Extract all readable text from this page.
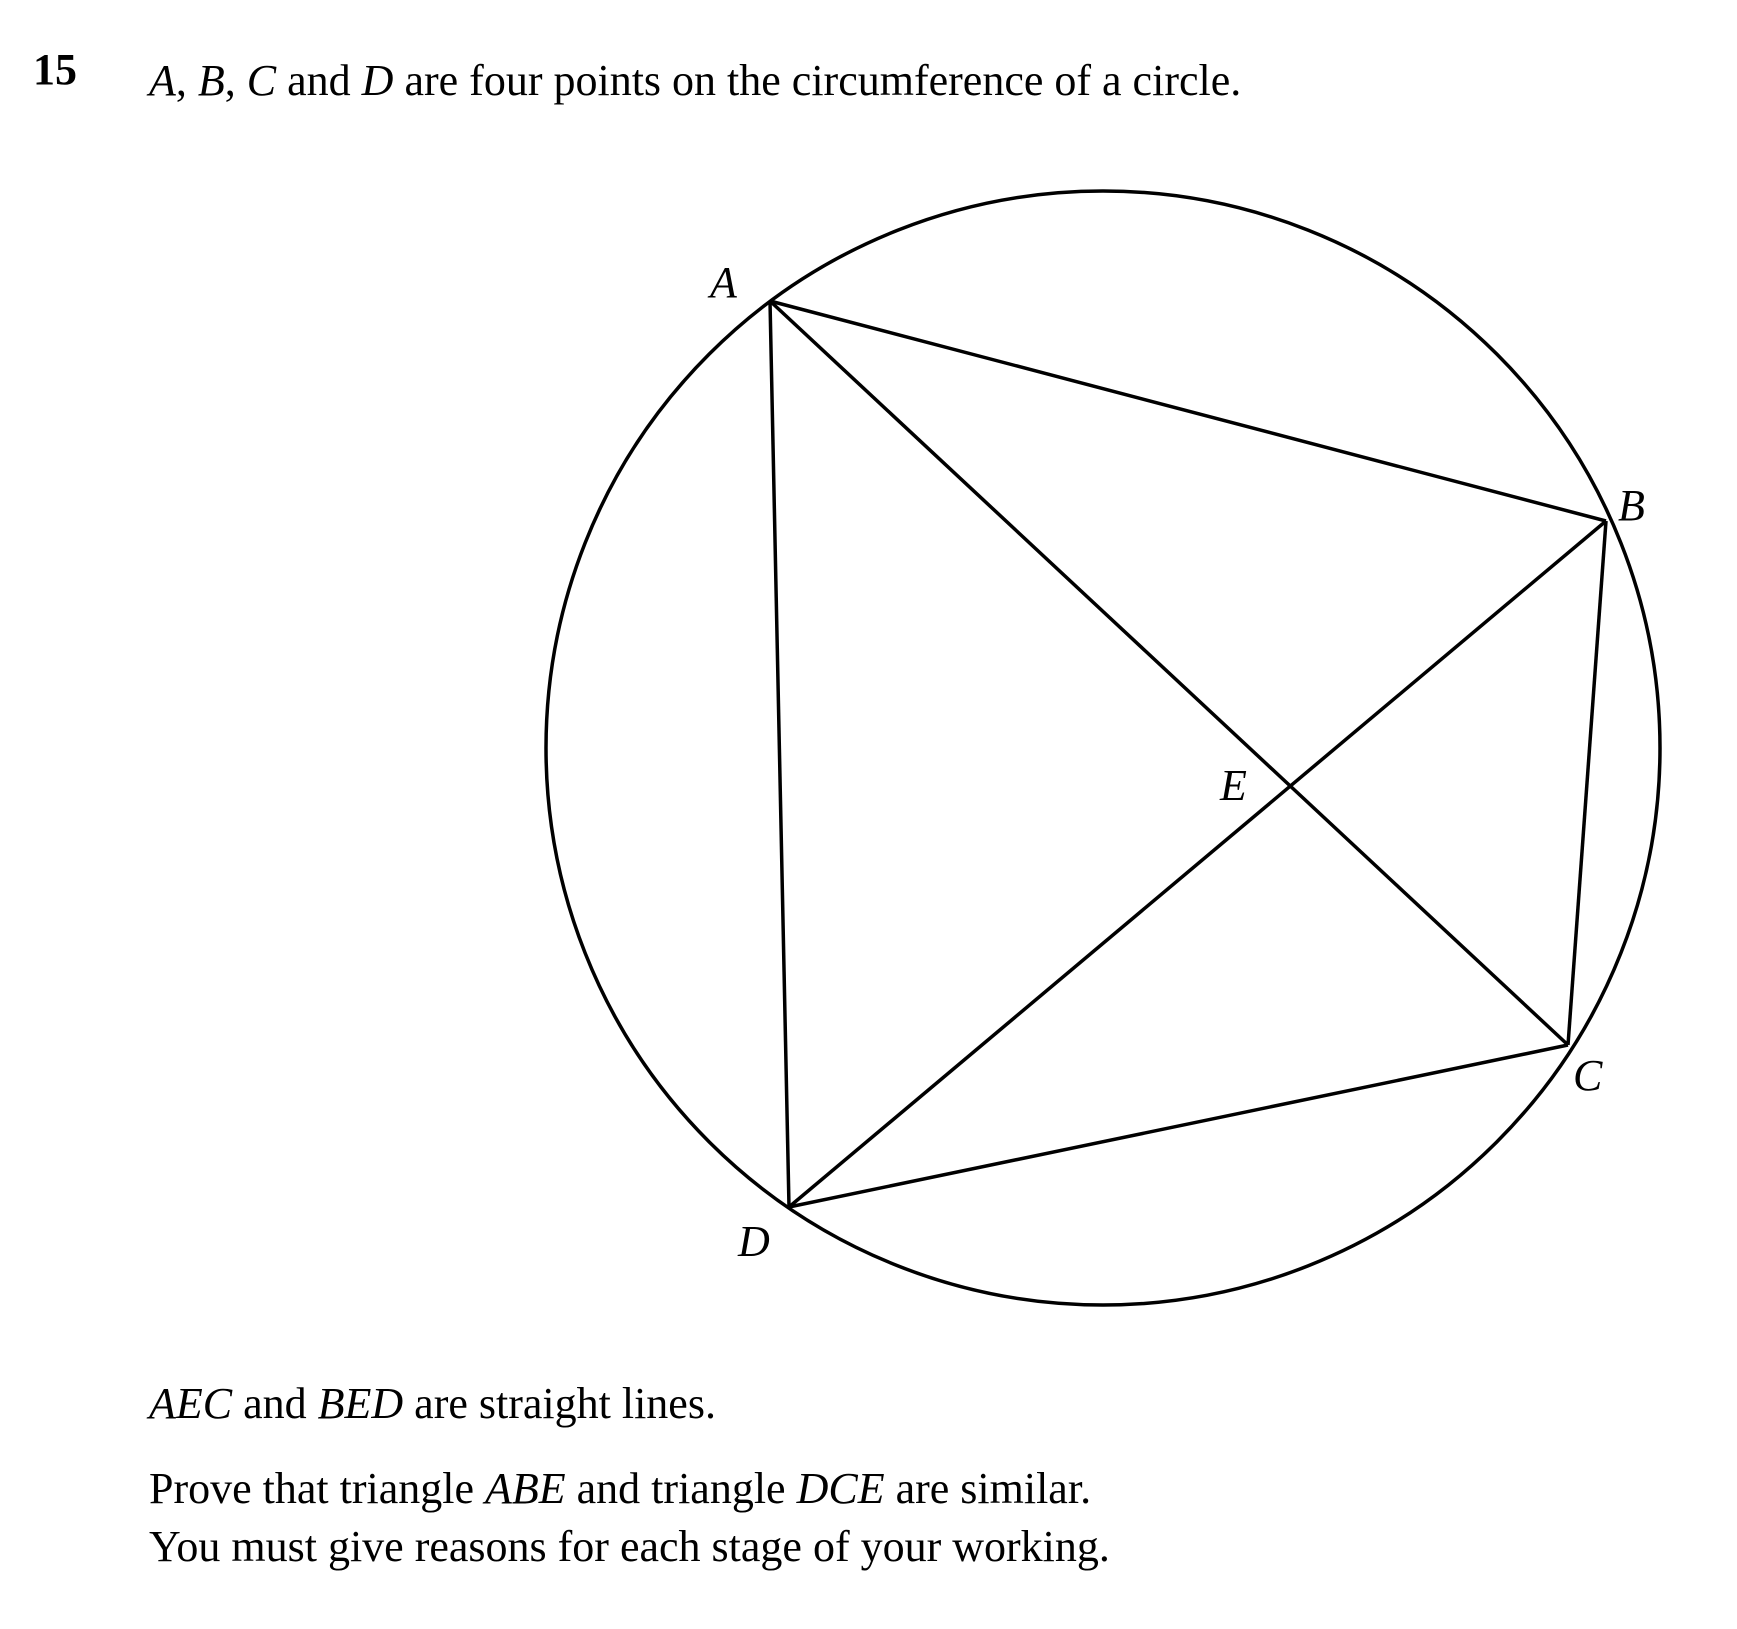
15 A, B, C and D are four points on the circumference of a circle.
A
B
C
D
E
AEC and BED are straight lines.
Prove that triangle ABE and triangle DCE are similar.
You must give reasons for each stage of your working.
